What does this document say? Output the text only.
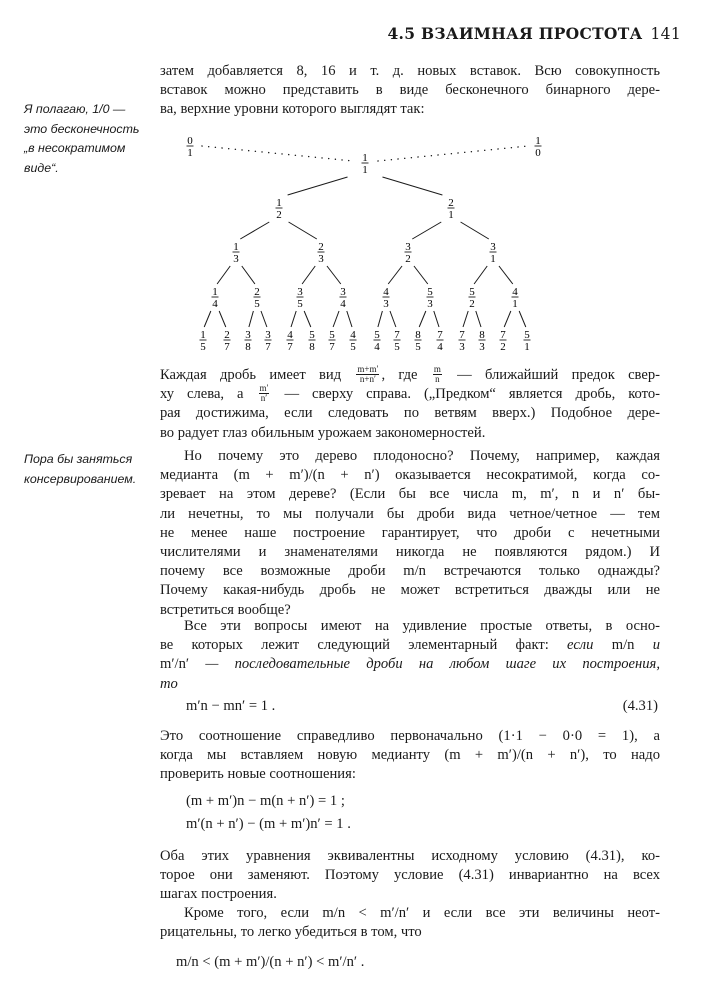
4.5 ВЗАИМНАЯ ПРОСТОТА 141
Я полагаю, 1/0 —
это бесконечность
„в несократимом
виде“.
Пора бы заняться
консервированием.
затем добавляется 8, 16 и т. д. новых вставок. Всю совокупность
вставок можно представить в виде бесконечного бинарного дере-
ва, верхние уровни которого выглядят так:
0
1
1
0
1
1
1
2
2
1
1
3
2
3
3
2
3
1
1
4
2
5
3
5
3
4
4
3
5
3
5
2
4
1
1
5
2
7
3
8
3
7
4
7
5
8
5
7
4
5
5
4
7
5
8
5
7
4
7
3
8
3
7
2
5
1
Каждая дробь имеет вид $\frac{m+m'}{n+n'}$ , где $\frac{m}{n}$ — ближайший предок свер-
ху слева, а $\frac{m'}{n'}$ — сверху справа. („Предком“ является дробь, кото-
рая достижима, если следовать по ветвям вверх.) Подобное дере-
во радует глаз обильным урожаем закономерностей.
Но почему это дерево плодоносно? Почему, например, каждая
медианта (m + m′)/(n + n′) оказывается несократимой, когда со-
зревает на этом дереве? (Если бы все числа m, m′, n и n′ бы-
ли нечетны, то мы получали бы дроби вида четное/четное — тем
не менее наше построение гарантирует, что дроби с нечетными
числителями и знаменателями никогда не появляются рядом.) И
почему все возможные дроби m/n встречаются только однажды?
Почему какая-нибудь дробь не может встретиться дважды или не
встретиться вообще?
Все эти вопросы имеют на удивление простые ответы, в осно-
ве которых лежит следующий элементарный факт: если m/n и
m′/n′ — последовательные дроби на любом шаге их построения,
то
m′n − mn′ = 1 .	(4.31)
Это соотношение справедливо первоначально (1·1 − 0·0 = 1), а
когда мы вставляем новую медианту (m + m′)/(n + n′), то надо
проверить новые соотношения:
(m + m′)n − m(n + n′) = 1 ;
m′(n + n′) − (m + m′)n′ = 1 .
Оба этих уравнения эквивалентны исходному условию (4.31), ко-
торое они заменяют. Поэтому условие (4.31) инвариантно на всех
шагах построения.
Кроме того, если m/n < m′/n′ и если все эти величины неот-
рицательны, то легко убедиться в том, что
m/n < (m + m′)/(n + n′) < m′/n′ .
